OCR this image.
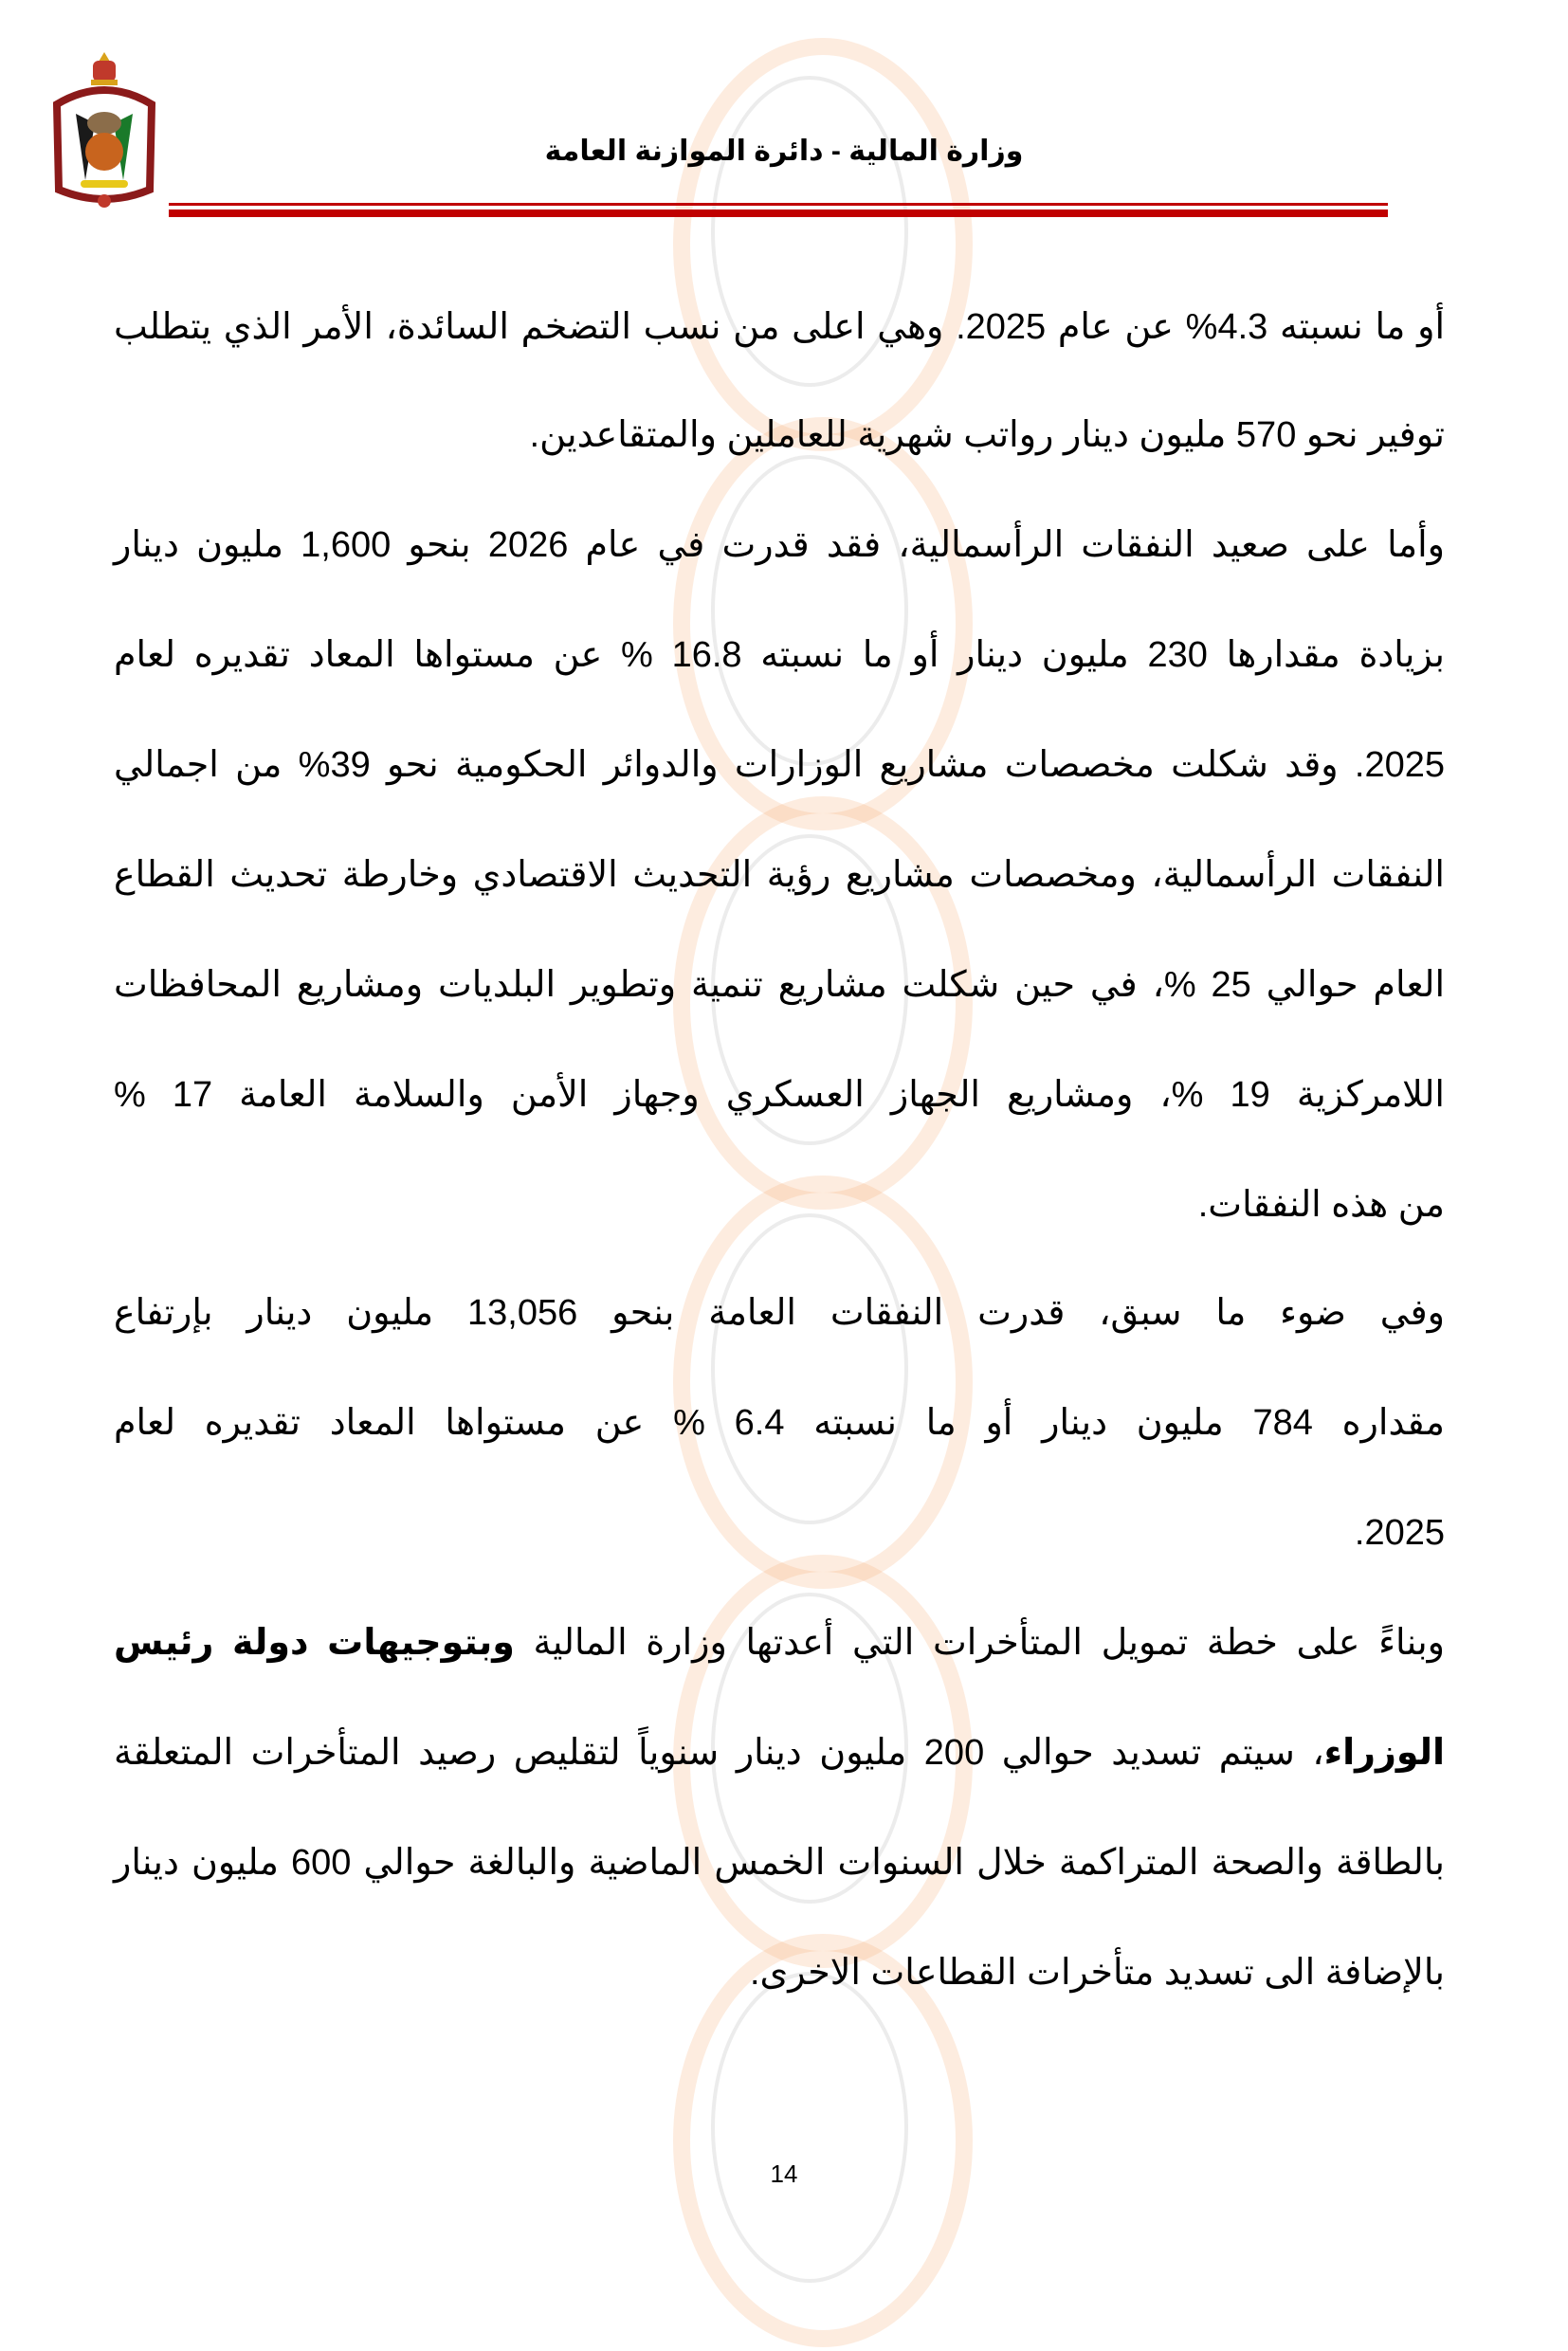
وزارة المالية - دائرة الموازنة العامة
أو ما نسبته 4.3% عن عام 2025. وهي اعلى من نسب التضخم السائدة، الأمر الذي يتطلب
توفير نحو 570 مليون دينار رواتب شهرية للعاملين والمتقاعدين.
وأما على صعيد النفقات الرأسمالية، فقد قدرت في عام 2026 بنحو 1,600 مليون دينار
بزيادة مقدارها 230 مليون دينار أو ما نسبته 16.8 % عن مستواها المعاد تقديره لعام
2025. وقد شكلت مخصصات مشاريع الوزارات والدوائر الحكومية نحو 39% من اجمالي
النفقات الرأسمالية، ومخصصات مشاريع رؤية التحديث الاقتصادي وخارطة تحديث القطاع
العام حوالي 25 %، في حين شكلت مشاريع تنمية وتطوير البلديات ومشاريع المحافظات
اللامركزية 19 %، ومشاريع الجهاز العسكري وجهاز الأمن والسلامة العامة 17 %
من هذه النفقات.
وفي ضوء ما سبق، قدرت النفقات العامة بنحو 13,056 مليون دينار بإرتفاع
مقداره 784 مليون دينار أو ما نسبته 6.4 % عن مستواها المعاد تقديره لعام
2025.
وبناءً على خطة تمويل المتأخرات التي أعدتها وزارة المالية وبتوجيهات دولة رئيس
الوزراء، سيتم تسديد حوالي 200 مليون دينار سنوياً لتقليص رصيد المتأخرات المتعلقة
بالطاقة والصحة المتراكمة خلال السنوات الخمس الماضية والبالغة حوالي 600 مليون دينار
بالإضافة الى تسديد متأخرات القطاعات الاخرى.
14
